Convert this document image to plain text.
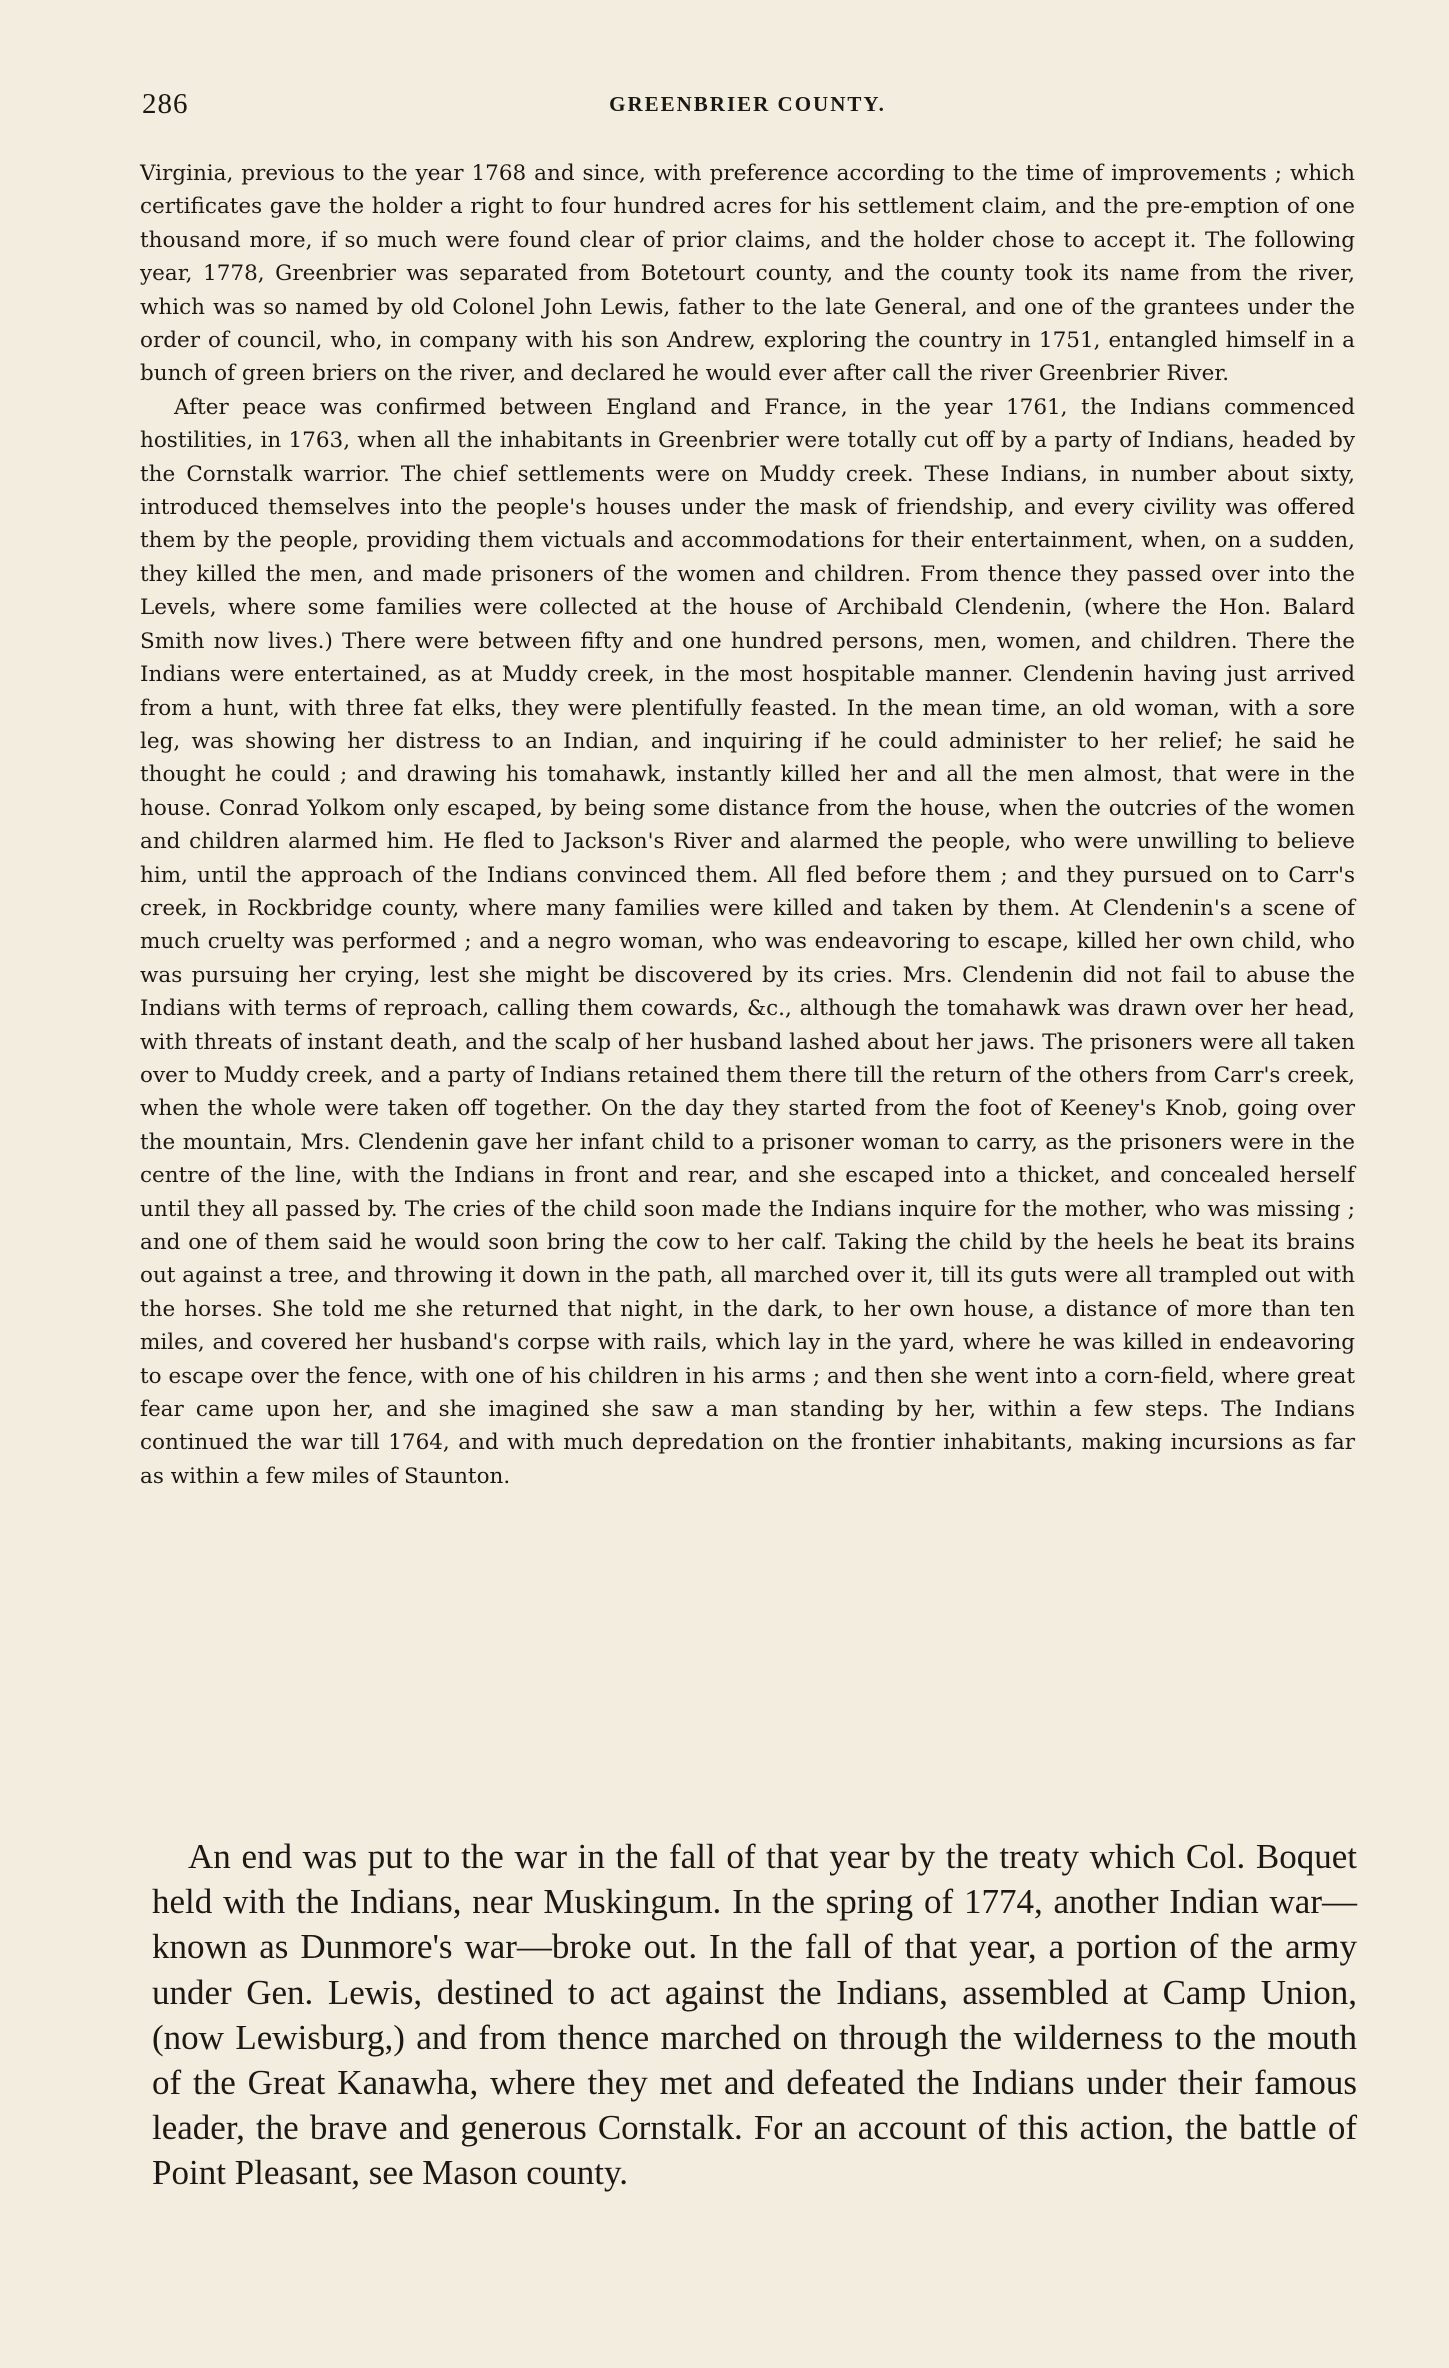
286	GREENBRIER COUNTY.

Virginia, previous to the year 1768 and since, with preference according to the time of improvements ; which certificates gave the holder a right to four hundred acres for his settlement claim, and the pre-emption of one thousand more, if so much were found clear of prior claims, and the holder chose to accept it. The following year, 1778, Greenbrier was separated from Botetourt county, and the county took its name from the river, which was so named by old Colonel John Lewis, father to the late General, and one of the grantees under the order of council, who, in company with his son Andrew, exploring the country in 1751, entangled himself in a bunch of green briers on the river, and declared he would ever after call the river Greenbrier River.

After peace was confirmed between England and France, in the year 1761, the Indians commenced hostilities, in 1763, when all the inhabitants in Greenbrier were totally cut off by a party of Indians, headed by the Cornstalk warrior. The chief settlements were on Muddy creek. These Indians, in number about sixty, introduced themselves into the people's houses under the mask of friendship, and every civility was offered them by the people, providing them victuals and accommodations for their entertainment, when, on a sudden, they killed the men, and made prisoners of the women and children. From thence they passed over into the Levels, where some families were collected at the house of Archibald Clendenin, (where the Hon. Balard Smith now lives.) There were between fifty and one hundred persons, men, women, and children. There the Indians were entertained, as at Muddy creek, in the most hospitable manner. Clendenin having just arrived from a hunt, with three fat elks, they were plentifully feasted. In the mean time, an old woman, with a sore leg, was showing her distress to an Indian, and inquiring if he could administer to her relief; he said he thought he could ; and drawing his tomahawk, instantly killed her and all the men almost, that were in the house. Conrad Yolkom only escaped, by being some distance from the house, when the outcries of the women and children alarmed him. He fled to Jackson's River and alarmed the people, who were unwilling to believe him, until the approach of the Indians convinced them. All fled before them ; and they pursued on to Carr's creek, in Rockbridge county, where many families were killed and taken by them. At Clendenin's a scene of much cruelty was performed ; and a negro woman, who was endeavoring to escape, killed her own child, who was pursuing her crying, lest she might be discovered by its cries. Mrs. Clendenin did not fail to abuse the Indians with terms of reproach, calling them cowards, &c., although the tomahawk was drawn over her head, with threats of instant death, and the scalp of her husband lashed about her jaws. The prisoners were all taken over to Muddy creek, and a party of Indians retained them there till the return of the others from Carr's creek, when the whole were taken off together. On the day they started from the foot of Keeney's Knob, going over the mountain, Mrs. Clendenin gave her infant child to a prisoner woman to carry, as the prisoners were in the centre of the line, with the Indians in front and rear, and she escaped into a thicket, and concealed herself until they all passed by. The cries of the child soon made the Indians inquire for the mother, who was missing ; and one of them said he would soon bring the cow to her calf. Taking the child by the heels he beat its brains out against a tree, and throwing it down in the path, all marched over it, till its guts were all trampled out with the horses. She told me she returned that night, in the dark, to her own house, a distance of more than ten miles, and covered her husband's corpse with rails, which lay in the yard, where he was killed in endeavoring to escape over the fence, with one of his children in his arms ; and then she went into a corn-field, where great fear came upon her, and she imagined she saw a man standing by her, within a few steps. The Indians continued the war till 1764, and with much depredation on the frontier inhabitants, making incursions as far as within a few miles of Staunton.

An end was put to the war in the fall of that year by the treaty which Col. Boquet held with the Indians, near Muskingum. In the spring of 1774, another Indian war—known as Dunmore's war—broke out. In the fall of that year, a portion of the army under Gen. Lewis, destined to act against the Indians, assembled at Camp Union, (now Lewisburg,) and from thence marched on through the wilderness to the mouth of the Great Kanawha, where they met and defeated the Indians under their famous leader, the brave and generous Cornstalk. For an account of this action, the battle of Point Pleasant, see Mason county.
